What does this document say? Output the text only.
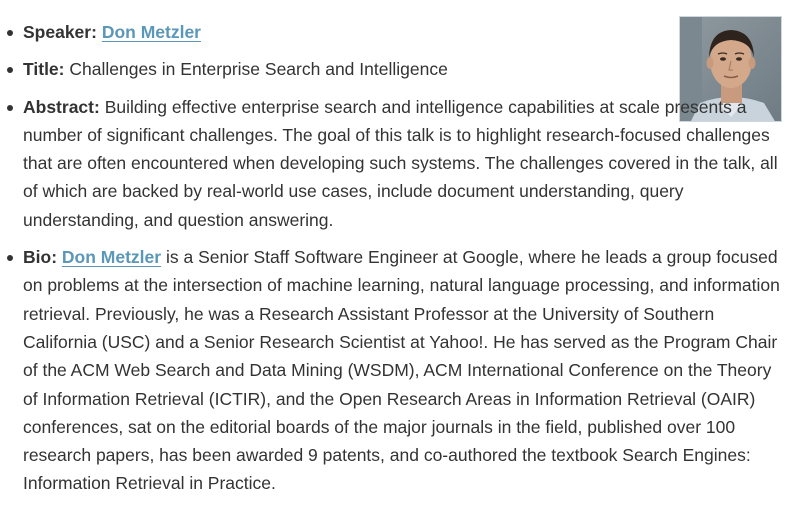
Speaker: Don Metzler
Title: Challenges in Enterprise Search and Intelligence
Abstract: Building effective enterprise search and intelligence capabilities at scale presents a number of significant challenges. The goal of this talk is to highlight research-focused challenges that are often encountered when developing such systems. The challenges covered in the talk, all of which are backed by real-world use cases, include document understanding, query understanding, and question answering.
Bio: Don Metzler is a Senior Staff Software Engineer at Google, where he leads a group focused on problems at the intersection of machine learning, natural language processing, and information retrieval. Previously, he was a Research Assistant Professor at the University of Southern California (USC) and a Senior Research Scientist at Yahoo!. He has served as the Program Chair of the ACM Web Search and Data Mining (WSDM), ACM International Conference on the Theory of Information Retrieval (ICTIR), and the Open Research Areas in Information Retrieval (OAIR) conferences, sat on the editorial boards of the major journals in the field, published over 100 research papers, has been awarded 9 patents, and co-authored the textbook Search Engines: Information Retrieval in Practice.
